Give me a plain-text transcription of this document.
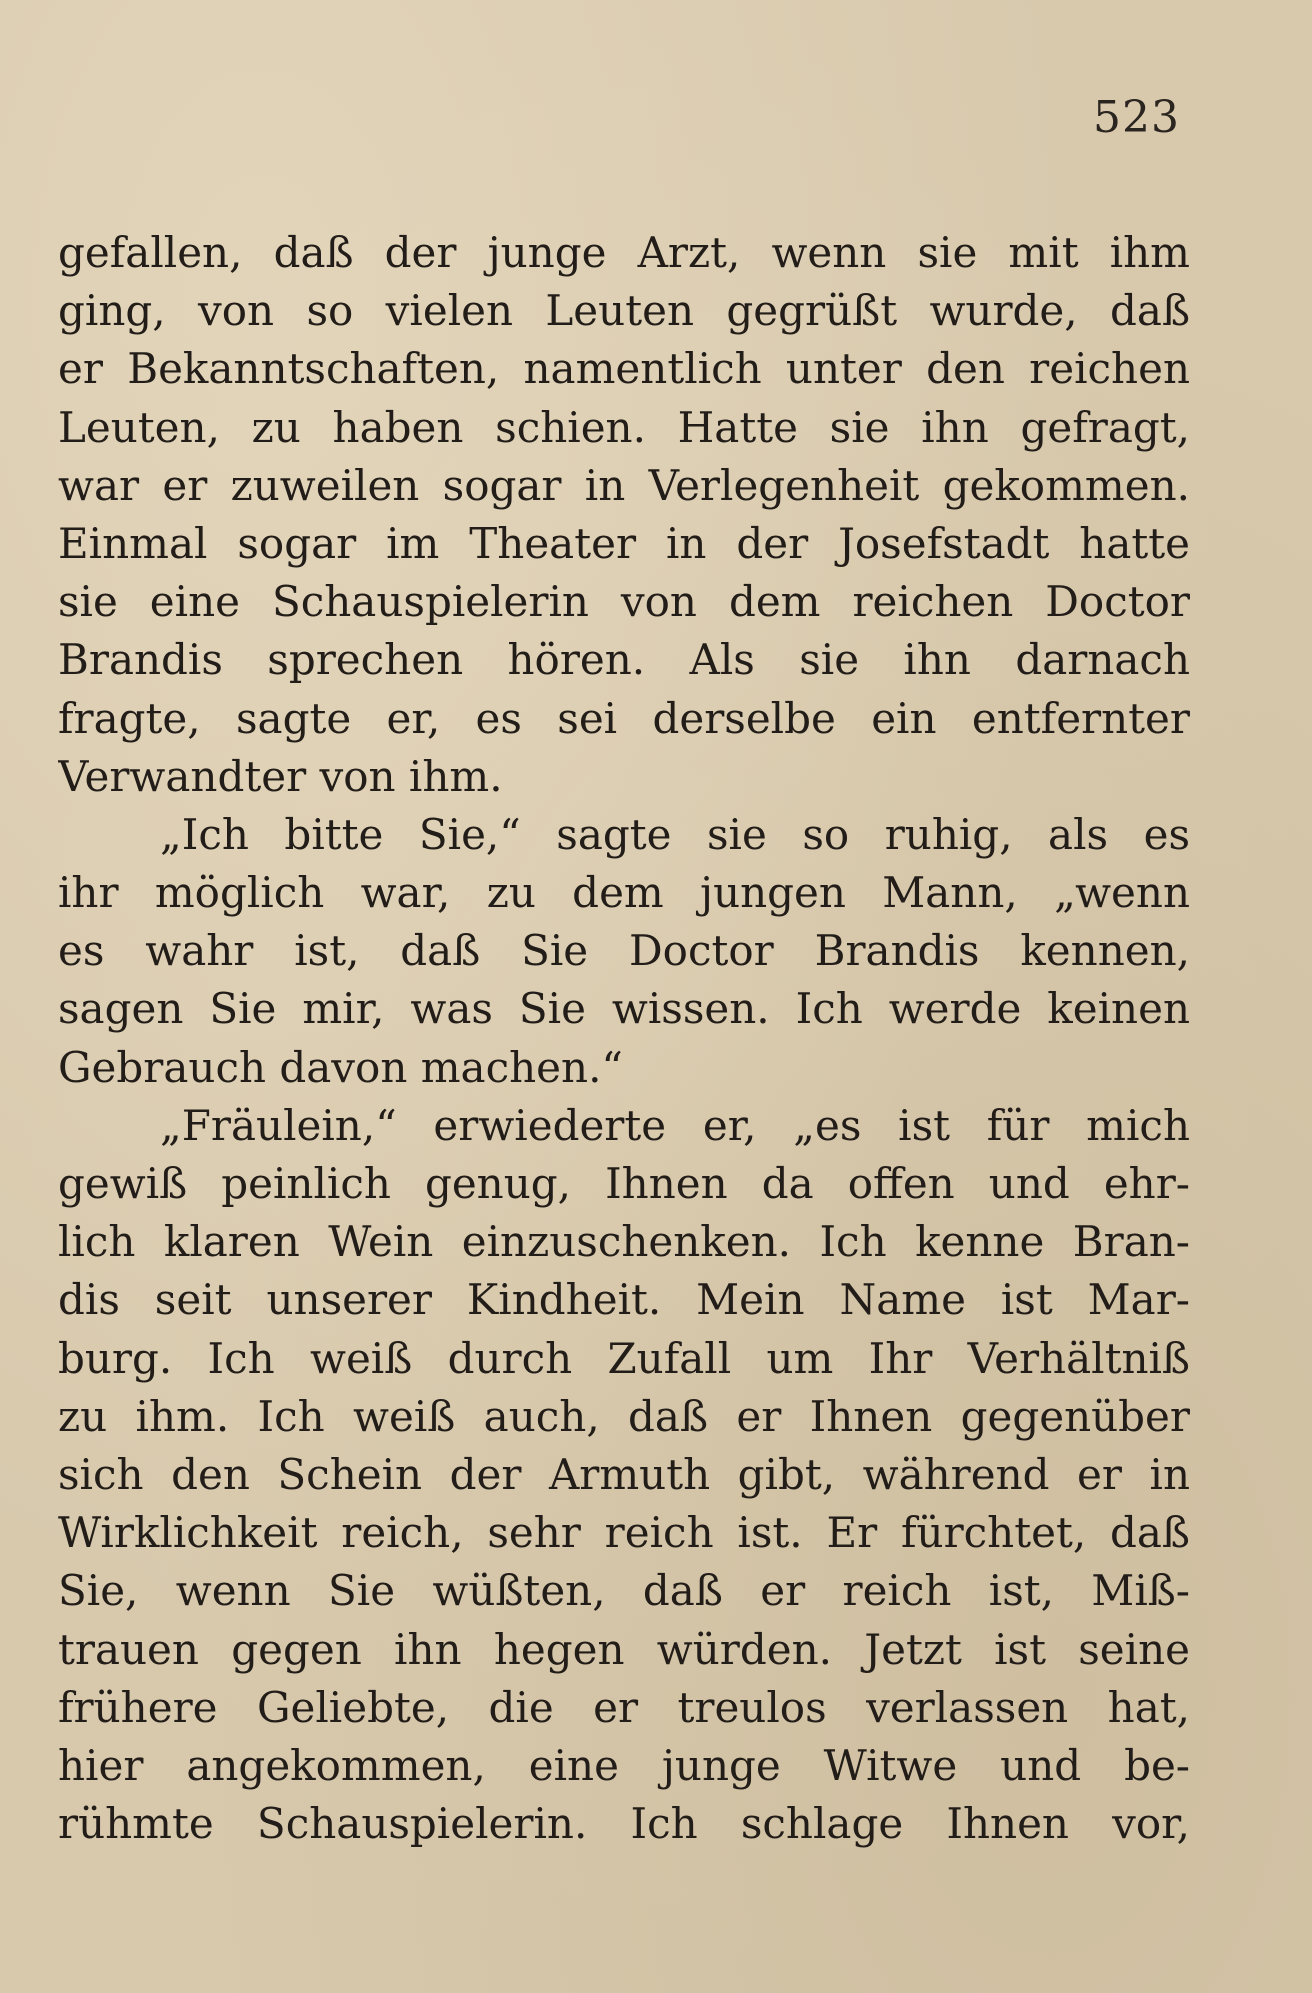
523
gefallen, daß der junge Arzt, wenn sie mit ihm
ging, von so vielen Leuten gegrüßt wurde, daß
er Bekanntschaften, namentlich unter den reichen
Leuten, zu haben schien. Hatte sie ihn gefragt,
war er zuweilen sogar in Verlegenheit gekommen.
Einmal sogar im Theater in der Josefstadt hatte
sie eine Schauspielerin von dem reichen Doctor
Brandis sprechen hören. Als sie ihn darnach
fragte, sagte er, es sei derselbe ein entfernter
Verwandter von ihm.
„Ich bitte Sie,“ sagte sie so ruhig, als es
ihr möglich war, zu dem jungen Mann, „wenn
es wahr ist, daß Sie Doctor Brandis kennen,
sagen Sie mir, was Sie wissen. Ich werde keinen
Gebrauch davon machen.“
„Fräulein,“ erwiederte er, „es ist für mich
gewiß peinlich genug, Ihnen da offen und ehr-
lich klaren Wein einzuschenken. Ich kenne Bran-
dis seit unserer Kindheit. Mein Name ist Mar-
burg. Ich weiß durch Zufall um Ihr Verhältniß
zu ihm. Ich weiß auch, daß er Ihnen gegenüber
sich den Schein der Armuth gibt, während er in
Wirklichkeit reich, sehr reich ist. Er fürchtet, daß
Sie, wenn Sie wüßten, daß er reich ist, Miß-
trauen gegen ihn hegen würden. Jetzt ist seine
frühere Geliebte, die er treulos verlassen hat,
hier angekommen, eine junge Witwe und be-
rühmte Schauspielerin. Ich schlage Ihnen vor,
